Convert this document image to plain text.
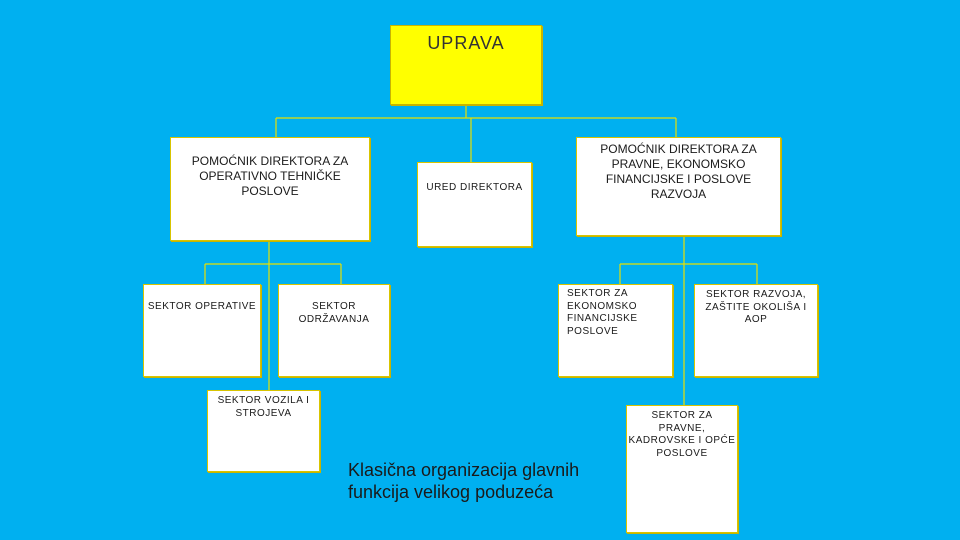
UPRAVA
POMOĆNIK DIREKTORA ZA OPERATIVNO TEHNIČKE POSLOVE	URED DIREKTORA
POMOĆNIK DIREKTORA ZA PRAVNE, EKONOMSKO FINANCIJSKE I POSLOVE RAZVOJA
SEKTOR OPERATIVE	SEKTOR ODRŽAVANJA
SEKTOR VOZILA I STROJEVA
SEKTOR ZA EKONOMSKO FINANCIJSKE POSLOVE
SEKTOR RAZVOJA, ZAŠTITE OKOLIŠA I AOP
SEKTOR ZA PRAVNE, KADROVSKE I OPĆE POSLOVE
Klasična organizacija glavnih funkcija velikog poduzeća
